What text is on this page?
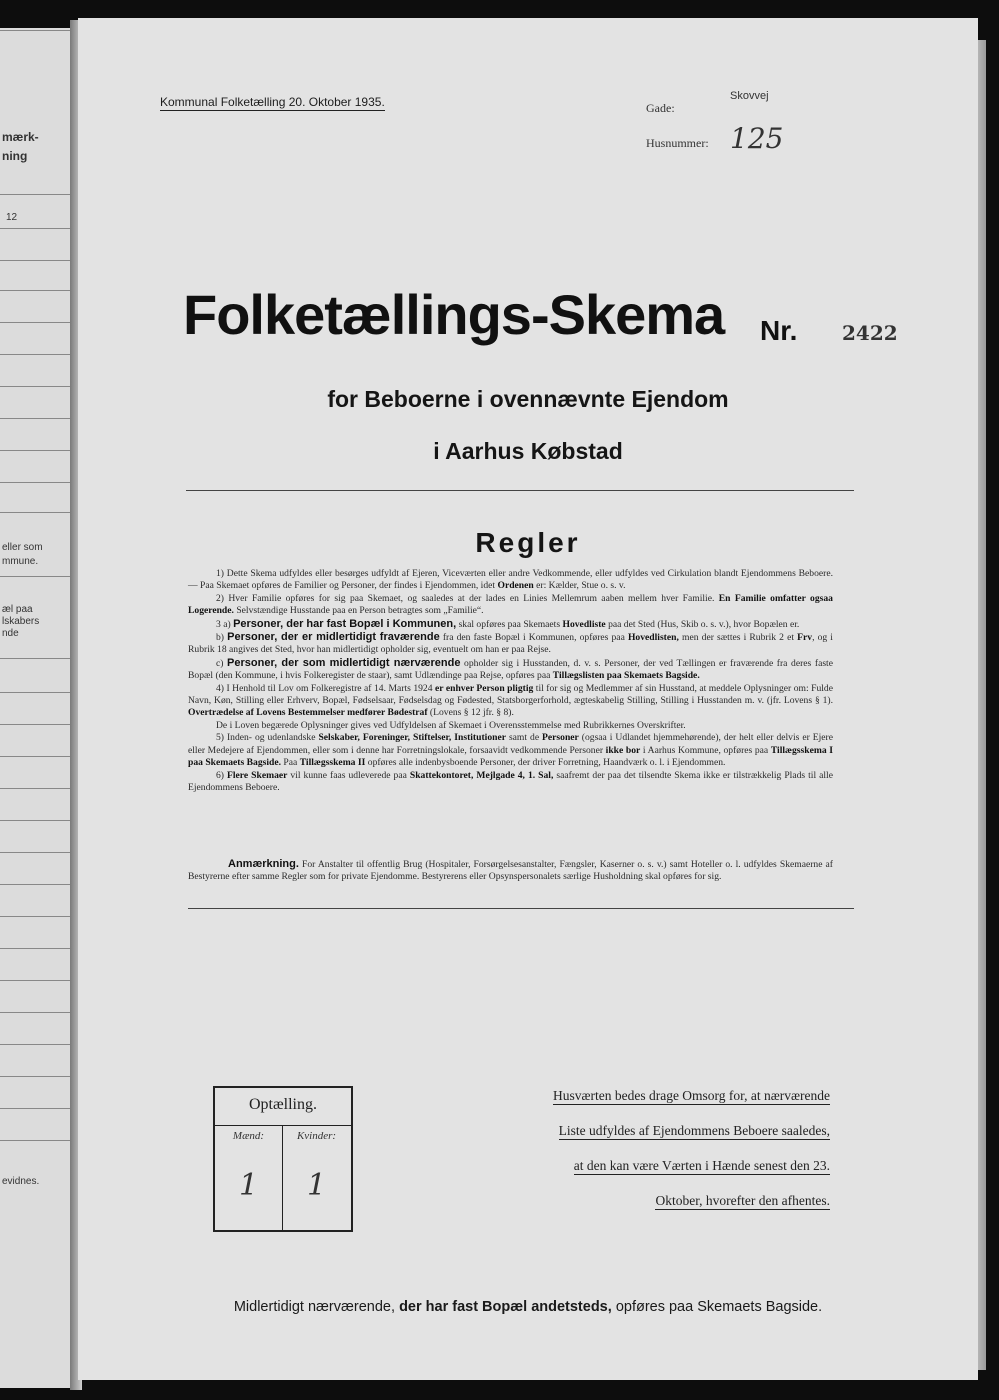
mærk-
ning
12
eller som
mmune.
æl paa
lskabers
nde
evidnes.
Kommunal Folketælling 20. Oktober 1935.	Gade:
Skovvej
Husnummer: 125
Folketællings-Skema Nr. 2422
for Beboerne i ovennævnte Ejendom
i Aarhus Købstad
Regler

1) Dette Skema udfyldes eller besørges udfyldt af Ejeren, Viceværten eller andre Vedkommende, eller udfyldes ved Cirkulation blandt Ejendommens Beboere. — Paa Skemaet opføres de Familier og Personer, der findes i Ejendommen, idet Ordenen er: Kælder, Stue o. s. v.

2) Hver Familie opføres for sig paa Skemaet, og saaledes at der lades en Linies Mellemrum aaben mellem hver Familie. En Familie omfatter ogsaa Logerende. Selvstændige Husstande paa en Person betragtes som „Familie“.

3 a) Personer, der har fast Bopæl i Kommunen, skal opføres paa Skemaets Hovedliste paa det Sted (Hus, Skib o. s. v.), hvor Bopælen er.

b) Personer, der er midlertidigt fraværende fra den faste Bopæl i Kommunen, opføres paa Hovedlisten, men der sættes i Rubrik 2 et Frv, og i Rubrik 18 angives det Sted, hvor han midlertidigt opholder sig, eventuelt om han er paa Rejse.

c) Personer, der som midlertidigt nærværende opholder sig i Husstanden, d. v. s. Personer, der ved Tællingen er fraværende fra deres faste Bopæl (den Kommune, i hvis Folkeregister de staar), samt Udlændinge paa Rejse, opføres paa Tillægslisten paa Skemaets Bagside.

4) I Henhold til Lov om Folkeregistre af 14. Marts 1924 er enhver Person pligtig til for sig og Medlemmer af sin Husstand, at meddele Oplysninger om: Fulde Navn, Køn, Stilling eller Erhverv, Bopæl, Fødselsaar, Fødselsdag og Fødested, Statsborgerforhold, ægteskabelig Stilling, Stilling i Husstanden m. v. (jfr. Lovens § 1). Overtrædelse af Lovens Bestemmelser medfører Bødestraf (Lovens § 12 jfr. § 8).

De i Loven begærede Oplysninger gives ved Udfyldelsen af Skemaet i Overensstemmelse med Rubrikkernes Overskrifter.

5) Inden- og udenlandske Selskaber, Foreninger, Stiftelser, Institutioner samt de Personer (ogsaa i Udlandet hjemmehørende), der helt eller delvis er Ejere eller Medejere af Ejendommen, eller som i denne har Forretningslokale, forsaavidt vedkommende Personer ikke bor i Aarhus Kommune, opføres paa Tillægsskema I paa Skemaets Bagside. Paa Tillægsskema II opføres alle indenbysboende Personer, der driver Forretning, Haandværk o. l. i Ejendommen.

6) Flere Skemaer vil kunne faas udleverede paa Skattekontoret, Mejlgade 4, 1. Sal, saafremt der paa det tilsendte Skema ikke er tilstrækkelig Plads til alle Ejendommens Beboere.

Anmærkning. For Anstalter til offentlig Brug (Hospitaler, Forsørgelsesanstalter, Fængsler, Kaserner o. s. v.) samt Hoteller o. l. udfyldes Skemaerne af Bestyrerne efter samme Regler som for private Ejendomme. Bestyrerens eller Opsynspersonalets særlige Husholdning skal opføres for sig.
Optælling.
Mænd:	Kvinder:
1	1
Husværten bedes drage Omsorg for, at nærværende
Liste udfyldes af Ejendommens Beboere saaledes,
at den kan være Værten i Hænde senest den 23.
Oktober, hvorefter den afhentes.
Midlertidigt nærværende, der har fast Bopæl andetsteds, opføres paa Skemaets Bagside.
